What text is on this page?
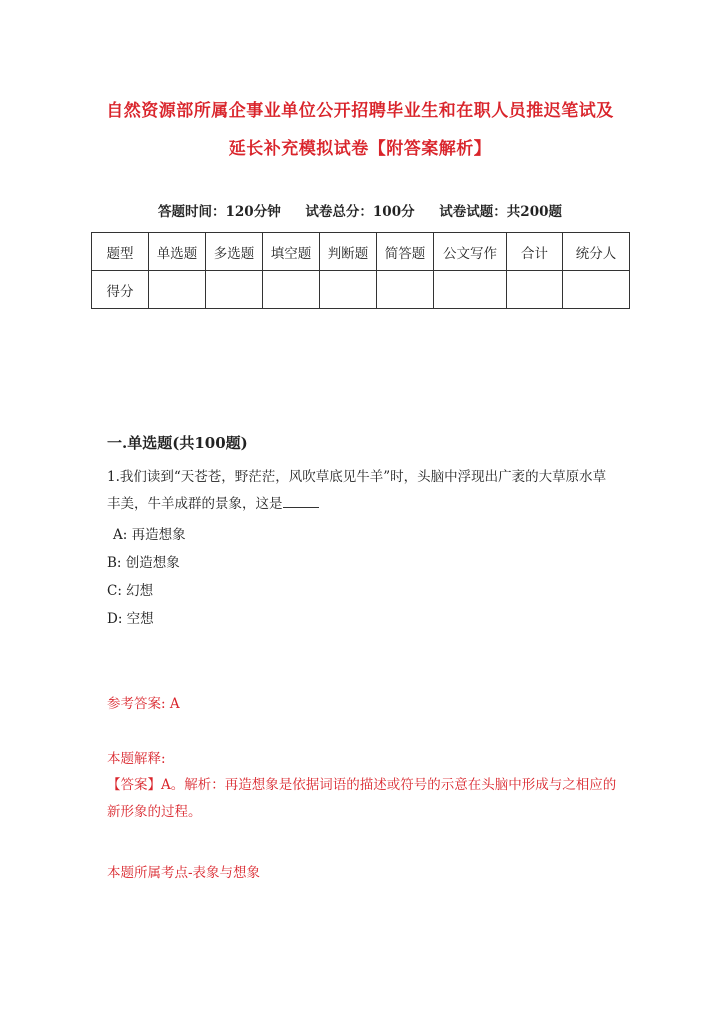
自然资源部所属企事业单位公开招聘毕业生和在职人员推迟笔试及
延长补充模拟试卷【附答案解析】
答题时间：120分钟 试卷总分：100分 试卷试题：共200题
题型	单选题	多选题	填空题	判断题	简答题	公文写作	合计	统分人
得分								
一.单选题(共100题)
1.我们读到“天苍苍，野茫茫，风吹草底见牛羊”时，头脑中浮现出广袤的大草原水草丰美，牛羊成群的景象，这是
A: 再造想象
B: 创造想象
C: 幻想
D: 空想
参考答案: A
本题解释:
【答案】A。解析：再造想象是依据词语的描述或符号的示意在头脑中形成与之相应的新形象的过程。
本题所属考点-表象与想象
